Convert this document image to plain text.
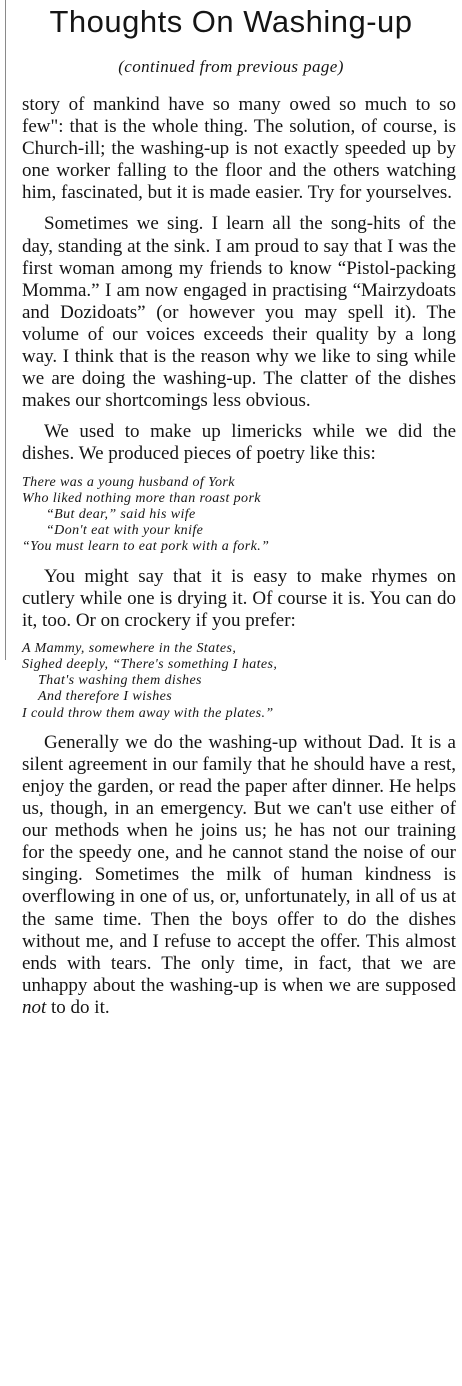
Thoughts On Washing-up

(continued from previous page)

story of mankind have so many owed so much to so few": that is the whole thing. The solution, of course, is Church-ill; the washing-up is not exactly speeded up by one worker falling to the floor and the others watching him, fascinated, but it is made easier. Try for yourselves.

Sometimes we sing. I learn all the song-hits of the day, standing at the sink. I am proud to say that I was the first woman among my friends to know “Pistol-packing Momma.” I am now engaged in practising “Mairzydoats and Dozidoats” (or however you may spell it). The volume of our voices exceeds their quality by a long way. I think that is the reason why we like to sing while we are doing the washing-up. The clatter of the dishes makes our shortcomings less obvious.

We used to make up limericks while we did the dishes. We produced pieces of poetry like this:

There was a young husband of York
Who liked nothing more than roast pork
“But dear,” said his wife
“Don't eat with your knife
“You must learn to eat pork with a fork.”

You might say that it is easy to make rhymes on cutlery while one is drying it. Of course it is. You can do it, too. Or on crockery if you prefer:

A Mammy, somewhere in the States,
Sighed deeply, “There's something I hates,
That's washing them dishes
And therefore I wishes
I could throw them away with the plates.”

Generally we do the washing-up without Dad. It is a silent agreement in our family that he should have a rest, enjoy the garden, or read the paper after dinner. He helps us, though, in an emergency. But we can't use either of our methods when he joins us; he has not our training for the speedy one, and he cannot stand the noise of our singing. Sometimes the milk of human kindness is overflowing in one of us, or, unfortunately, in all of us at the same time. Then the boys offer to do the dishes without me, and I refuse to accept the offer. This almost ends with tears. The only time, in fact, that we are unhappy about the washing-up is when we are supposed not to do it.
